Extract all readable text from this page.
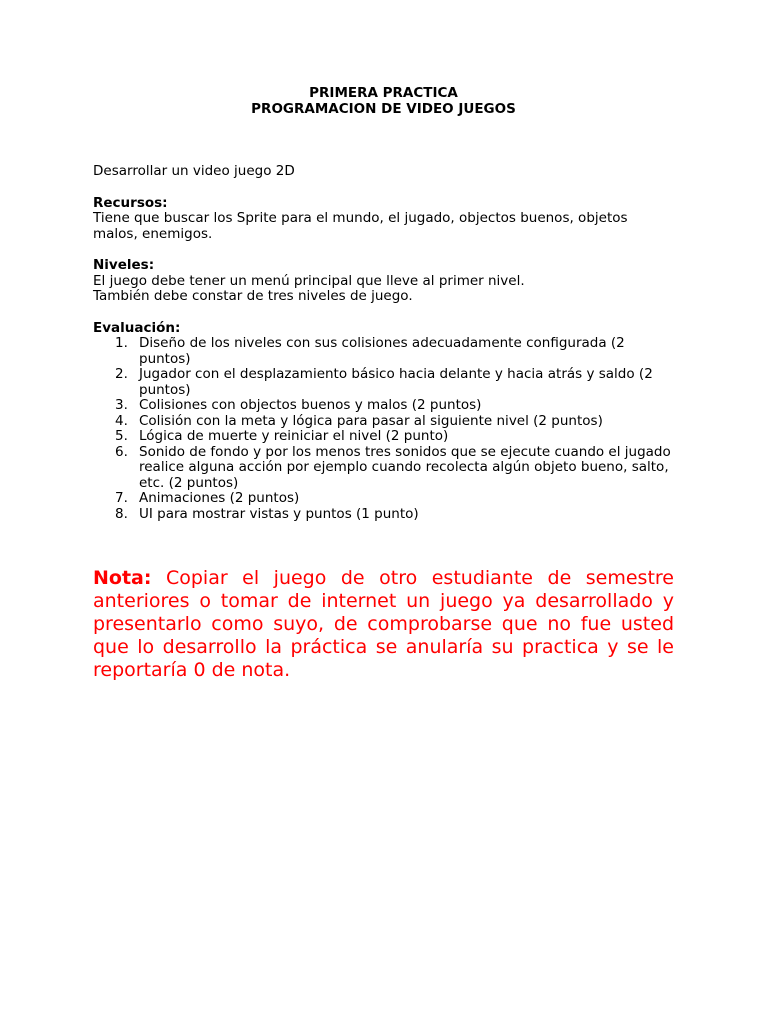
PRIMERA PRACTICA
PROGRAMACION DE VIDEO JUEGOS
Desarrollar un video juego 2D
Recursos:
Tiene que buscar los Sprite para el mundo, el jugado, objectos buenos, objetos malos, enemigos.
Niveles:
El juego debe tener un menú principal que lleve al primer nivel.
También debe constar de tres niveles de juego.
Evaluación:
1. Diseño de los niveles con sus colisiones adecuadamente configurada (2 puntos)
2. Jugador con el desplazamiento básico hacia delante y hacia atrás y saldo (2 puntos)
3. Colisiones con objectos buenos y malos (2 puntos)
4. Colisión con la meta y lógica para pasar al siguiente nivel (2 puntos)
5. Lógica de muerte y reiniciar el nivel (2 punto)
6. Sonido de fondo y por los menos tres sonidos que se ejecute cuando el jugado realice alguna acción por ejemplo cuando recolecta algún objeto bueno, salto, etc. (2 puntos)
7. Animaciones (2 puntos)
8. UI para mostrar vistas y puntos (1 punto)
Nota: Copiar el juego de otro estudiante de semestre anteriores o tomar de internet un juego ya desarrollado y presentarlo como suyo, de comprobarse que no fue usted que lo desarrollo la práctica se anularía su practica y se le reportaría 0 de nota.
